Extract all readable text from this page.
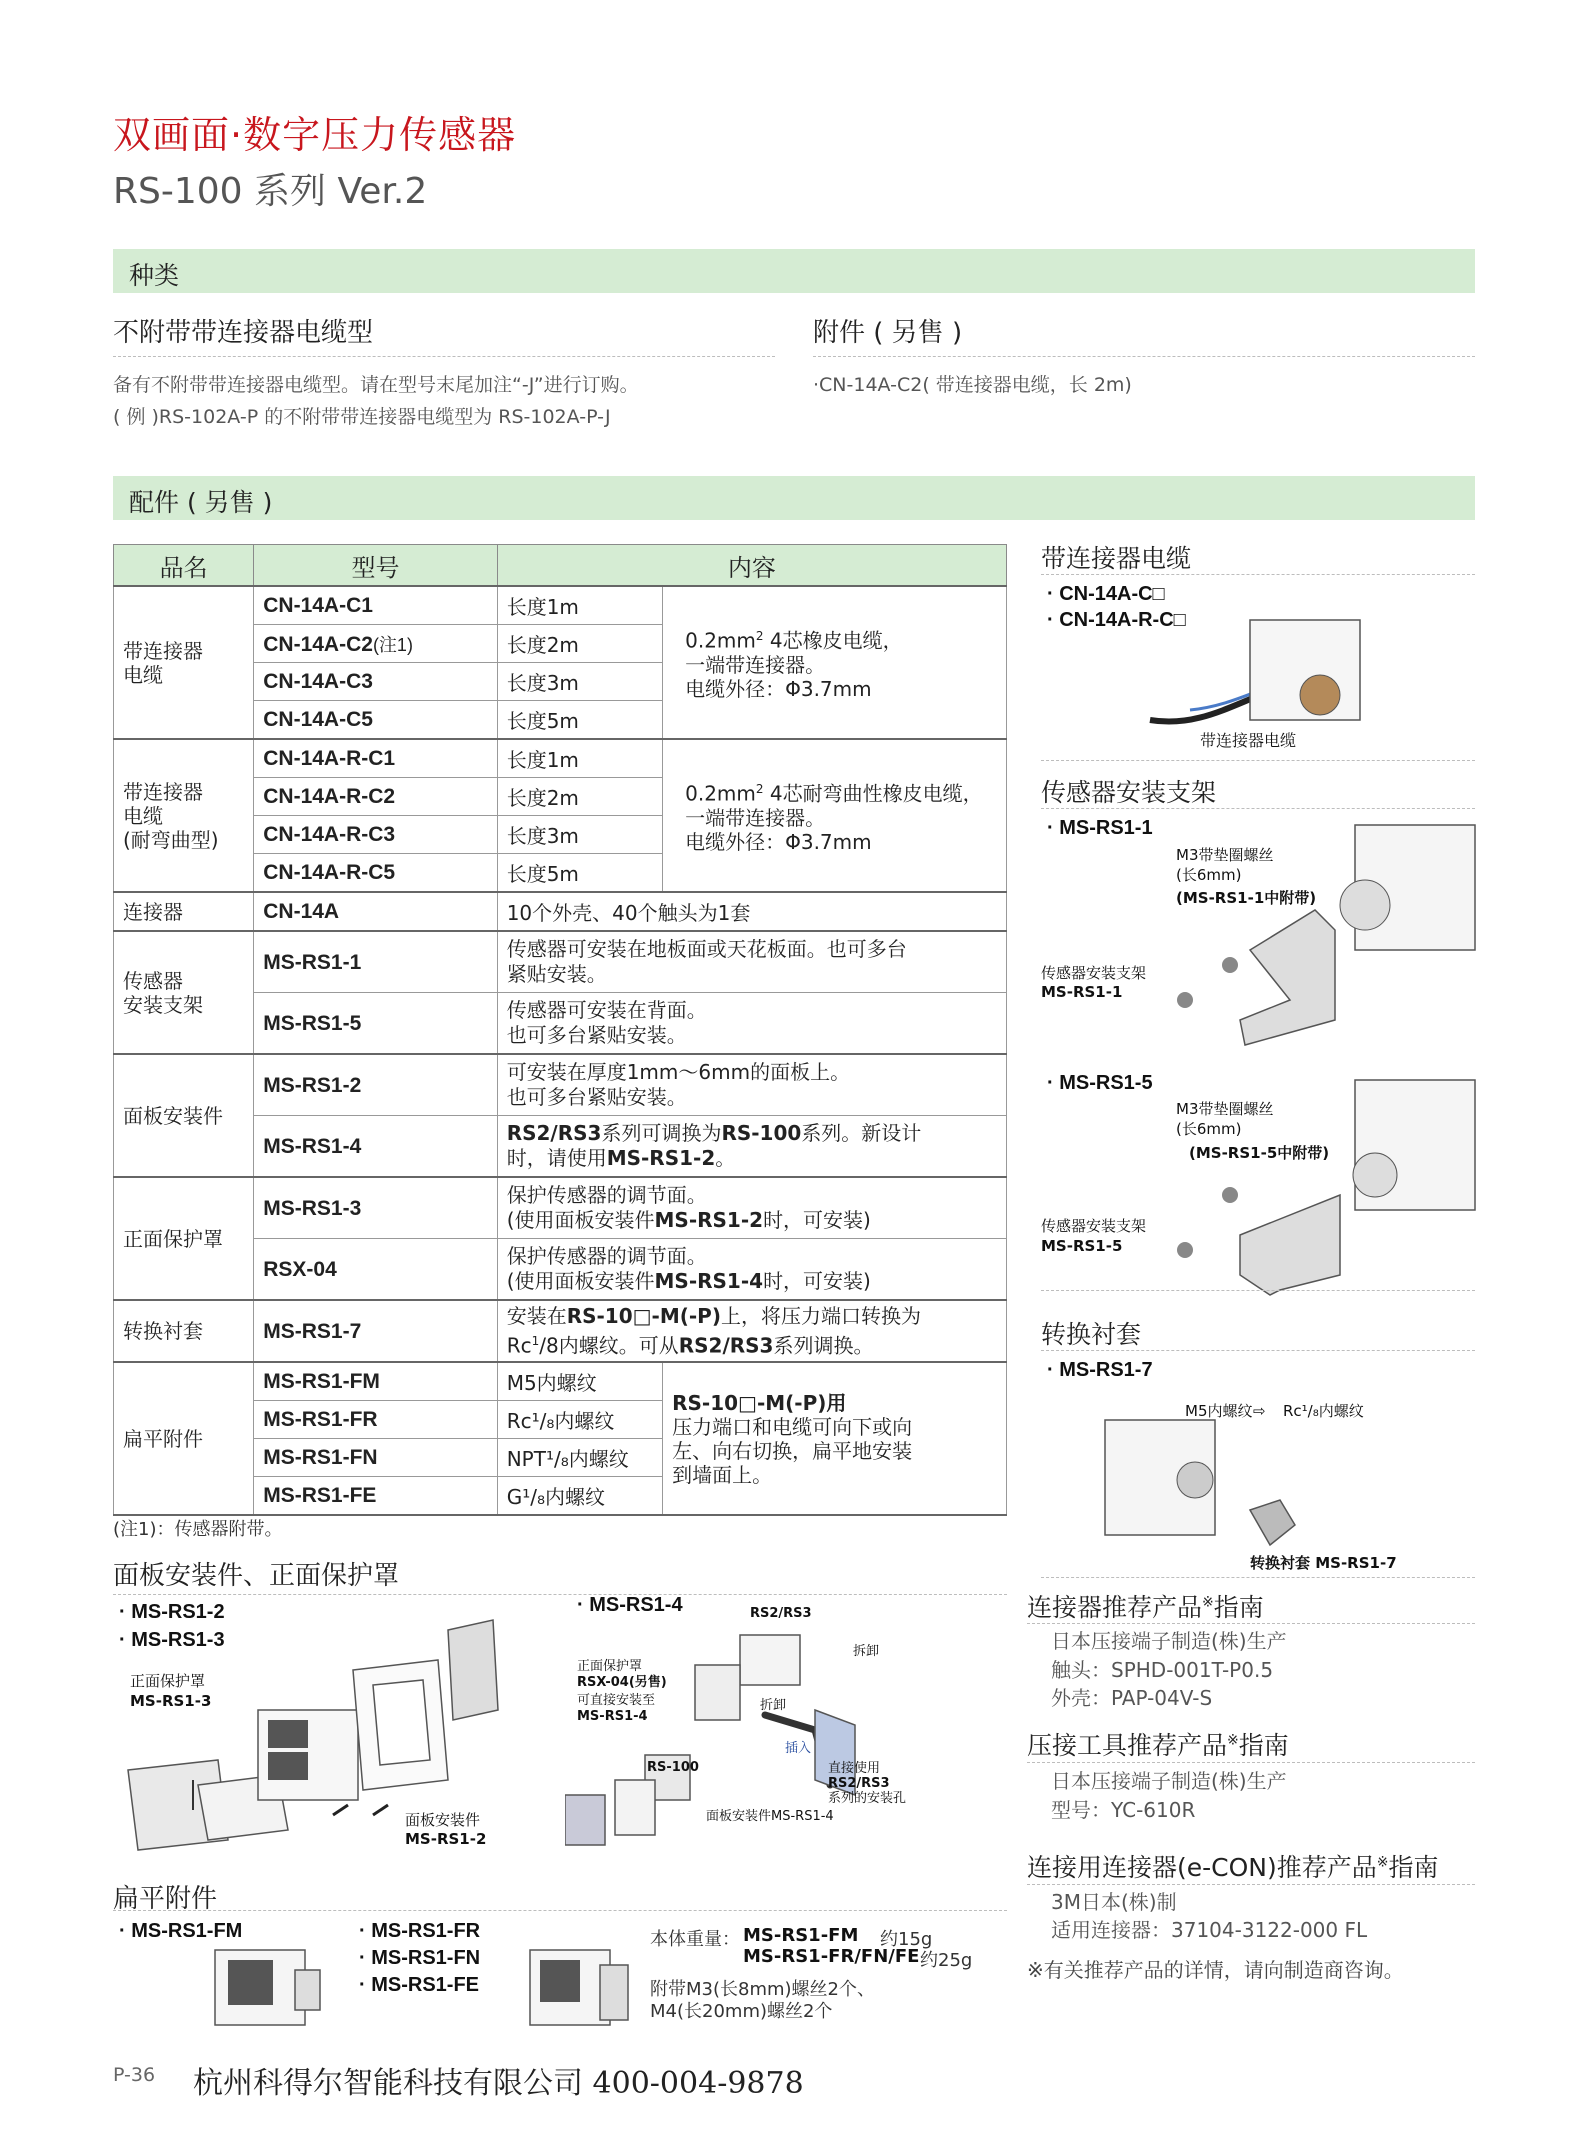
双画面·数字压力传感器
RS-100 系列 Ver.2
种类
不附带带连接器电缆型
备有不附带带连接器电缆型。请在型号末尾加注“-J”进行订购。
( 例 )RS-102A-P 的不附带带连接器电缆型为 RS-102A-P-J
附件 ( 另售 )
·CN-14A-C2( 带连接器电缆，长 2m)
配件 ( 另售 )
品名	型号	内容	
带连接器
电缆	CN-14A-C1	长度1m	$0.2mm^2$ 4芯橡皮电缆，
一端带连接器。
电缆外径：Φ3.7mm
	CN-14A-C2(注1)	长度2m	
	CN-14A-C3	长度3m	
	CN-14A-C5	长度5m	
带连接器
电缆
(耐弯曲型)	CN-14A-R-C1	长度1m	$0.2mm^2$ 4芯耐弯曲性橡皮电缆，
一端带连接器。
电缆外径：Φ3.7mm
	CN-14A-R-C2	长度2m	
	CN-14A-R-C3	长度3m	
	CN-14A-R-C5	长度5m	
连接器	CN-14A	10个外壳、40个触头为1套	
传感器
安装支架	MS-RS1-1	传感器可安装在地板面或天花板面。也可多台
紧贴安装。	
	MS-RS1-5	传感器可安装在背面。
也可多台紧贴安装。	
面板安装件	MS-RS1-2	可安装在厚度1mm～6mm的面板上。
也可多台紧贴安装。	
	MS-RS1-4	RS2/RS3系列可调换为RS-100系列。新设计
时，请使用MS-RS1-2。	
正面保护罩	MS-RS1-3	保护传感器的调节面。
(使用面板安装件MS-RS1-2时，可安装)	
	RSX-04	保护传感器的调节面。
(使用面板安装件MS-RS1-4时，可安装)	
转换衬套	MS-RS1-7	安装在RS-10□-M(-P)上，将压力端口转换为
Rc$^1$/8内螺纹。可从RS2/RS3系列调换。	
扁平附件	MS-RS1-FM	M5内螺纹	RS-10□-M(-P)用
压力端口和电缆可向下或向
左、向右切换，扁平地安装
到墙面上。
	MS-RS1-FR	Rc¹/₈内螺纹	
	MS-RS1-FN	NPT¹/₈内螺纹	
	MS-RS1-FE	G¹/₈内螺纹	
(注1)：传感器附带。
面板安装件、正面保护罩
· MS-RS1-2
· MS-RS1-3
正面保护罩
MS-RS1-3
面板安装件
MS-RS1-2
· MS-RS1-4	RS2/RS3
拆卸
正面保护罩
RSX-04(另售)
可直接安装至
MS-RS1-4
折卸
插入
RS-100	直接使用
RS2/RS3
系列的安装孔
面板安装件MS-RS1-4
扁平附件
· MS-RS1-FM	· MS-RS1-FR
· MS-RS1-FN
· MS-RS1-FE
本体重量： MS-RS1-FM 约15g
MS-RS1-FR/FN/FE 约25g
附带M3(长8mm)螺丝2个、
M4(长20mm)螺丝2个
带连接器电缆
· CN-14A-C□
· CN-14A-R-C□
带连接器电缆
传感器安装支架
· MS-RS1-1
M3带垫圈螺丝
(长6mm)
(MS-RS1-1中附带)
传感器安装支架
MS-RS1-1
· MS-RS1-5
M3带垫圈螺丝
(长6mm)
(MS-RS1-5中附带)
传感器安装支架
MS-RS1-5
转换衬套
· MS-RS1-7
M5内螺纹 ⇨ Rc¹/₈内螺纹
转换衬套 MS-RS1-7
连接器推荐产品※指南
日本压接端子制造(株)生产
触头：SPHD-001T-P0.5
外壳：PAP-04V-S
压接工具推荐产品※指南
日本压接端子制造(株)生产
型号：YC-610R
连接用连接器(e-CON)推荐产品※指南
3M日本(株)制
适用连接器：37104-3122-000 FL
※有关推荐产品的详情，请向制造商咨询。
P-36 杭州科得尔智能科技有限公司 400-004-9878
